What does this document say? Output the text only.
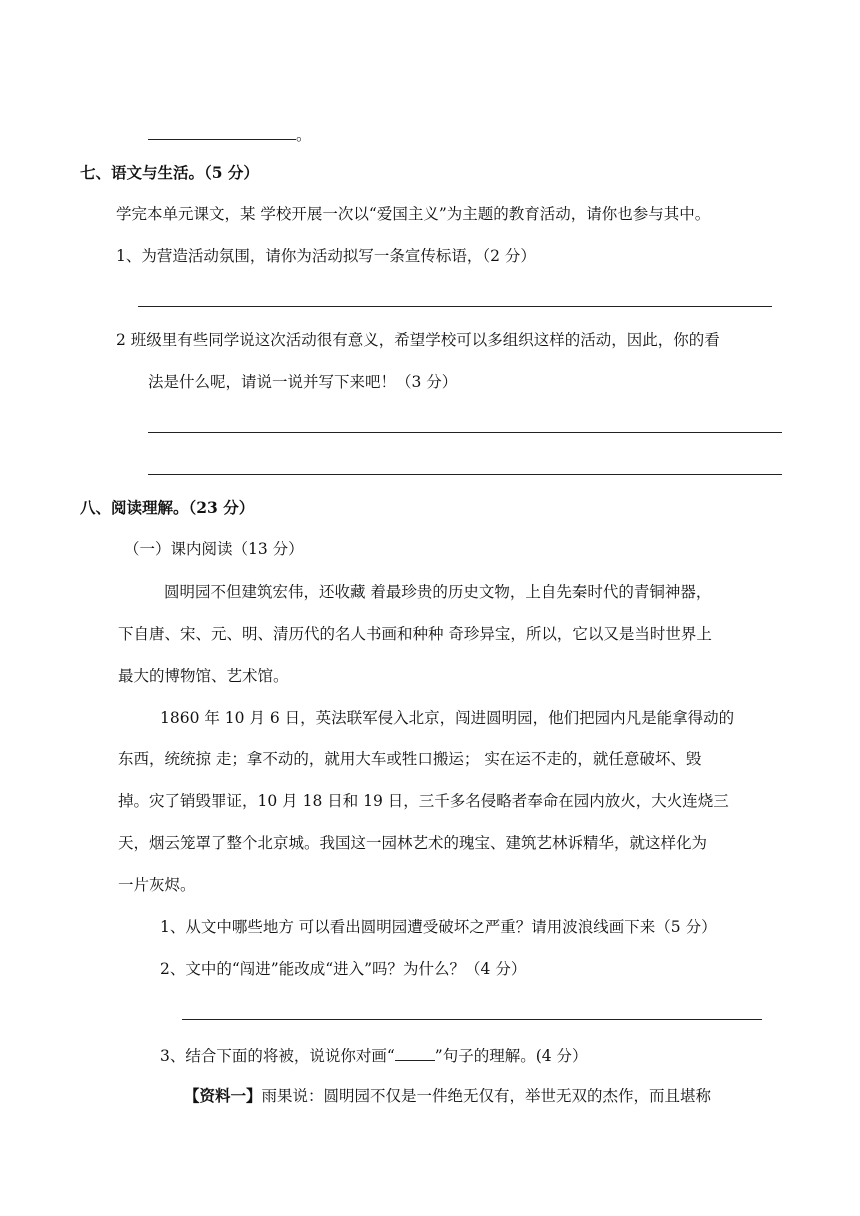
。
七、语文与生活。（5 分）
学完本单元课文，某 学校开展一次以“爱国主义”为主题的教育活动，请你也参与其中。
1、为营造活动氛围，请你为活动拟写一条宣传标语，（2 分）
2 班级里有些同学说这次活动很有意义，希望学校可以多组织这样的活动，因此，你的看
法是什么呢，请说一说并写下来吧！（3 分）
八、阅读理解。（23 分）
（一）课内阅读（13 分）
圆明园不但建筑宏伟，还收藏 着最珍贵的历史文物，上自先秦时代的青铜神器，
下自唐、宋、元、明、清历代的名人书画和种种 奇珍异宝，所以，它以又是当时世界上
最大的博物馆、艺术馆。
1860 年 10 月 6 日，英法联军侵入北京，闯进圆明园，他们把园内凡是能拿得动的
东西，统统掠 走；拿不动的，就用大车或牲口搬运； 实在运不走的，就任意破坏、毁
掉。灾了销毁罪证，10 月 18 日和 19 日，三千多名侵略者奉命在园内放火，大火连烧三
天，烟云笼罩了整个北京城。我国这一园林艺术的瑰宝、建筑艺林诉精华，就这样化为
一片灰烬。
1、从文中哪些地方 可以看出圆明园遭受破坏之严重？请用波浪线画下来（5 分）
2、文中的“闯进”能改成“进入”吗？为什么？（4 分）
3、结合下面的将被，说说你对画“	”句子的理解。(4 分）
【资料一】雨果说：圆明园不仅是一件绝无仅有，举世无双的杰作，而且堪称
